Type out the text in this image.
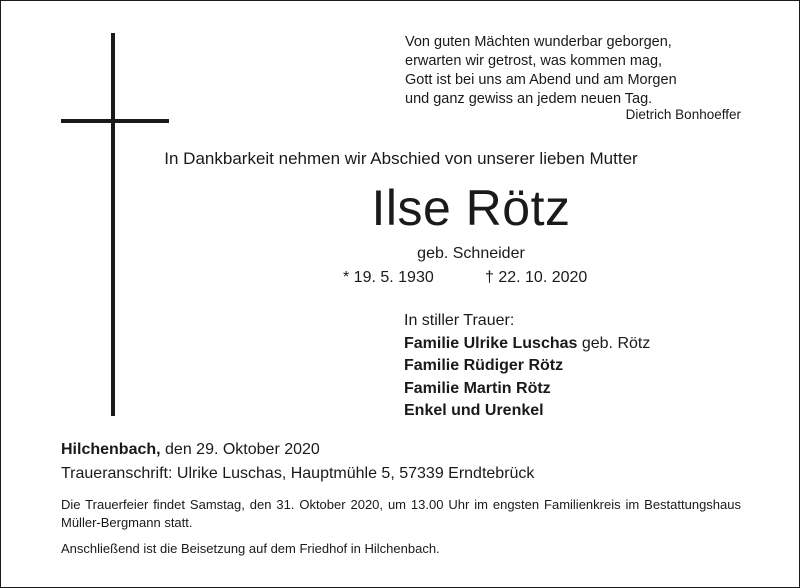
Von guten Mächten wunderbar geborgen,
erwarten wir getrost, was kommen mag,
Gott ist bei uns am Abend und am Morgen
und ganz gewiss an jedem neuen Tag.
Dietrich Bonhoeffer
In Dankbarkeit nehmen wir Abschied von unserer lieben Mutter
Ilse Rötz
geb. Schneider
* 19. 5. 1930	† 22. 10. 2020
In stiller Trauer:
Familie Ulrike Luschas geb. Rötz
Familie Rüdiger Rötz
Familie Martin Rötz
Enkel und Urenkel
Hilchenbach, den 29. Oktober 2020
Traueranschrift: Ulrike Luschas, Hauptmühle 5, 57339 Erndtebrück
Die Trauerfeier findet Samstag, den 31. Oktober 2020, um 13.00 Uhr im engsten Familienkreis im Bestattungshaus Müller-Bergmann statt.
Anschließend ist die Beisetzung auf dem Friedhof in Hilchenbach.
